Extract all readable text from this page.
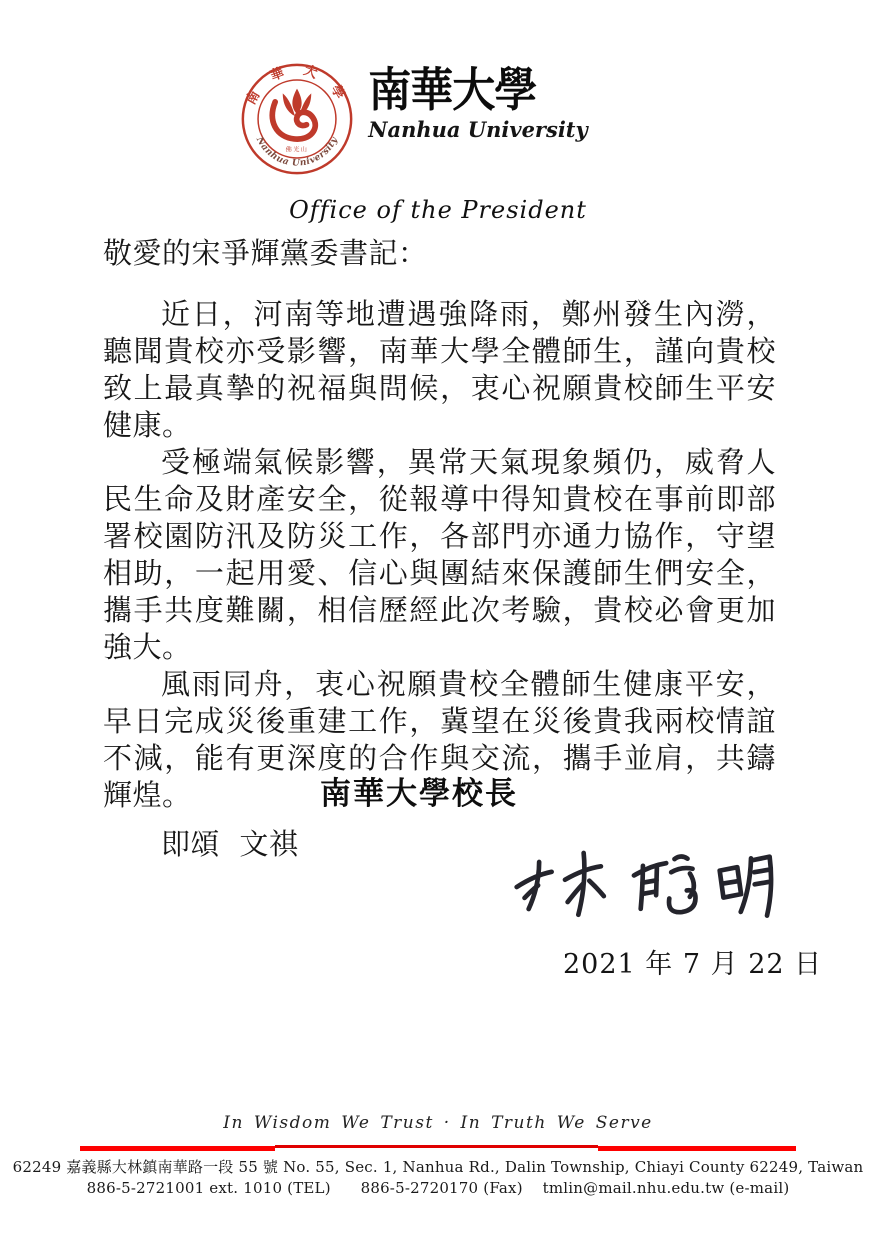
南 華 大 學
Nanhua University
佛光山
南華大學
Nanhua University
Office of the President
敬愛的宋爭輝黨委書記：

近日，河南等地遭遇強降雨，鄭州發生內澇，聽聞貴校亦受影響，南華大學全體師生，謹向貴校致上最真摯的祝福與問候，衷心祝願貴校師生平安健康。

受極端氣候影響，異常天氣現象頻仍，威脅人民生命及財產安全，從報導中得知貴校在事前即部署校園防汛及防災工作，各部門亦通力協作，守望相助，一起用愛、信心與團結來保護師生們安全，攜手共度難關，相信歷經此次考驗，貴校必會更加強大。

風雨同舟，衷心祝願貴校全體師生健康平安，早日完成災後重建工作，冀望在災後貴我兩校情誼不減，能有更深度的合作與交流，攜手並肩，共鑄輝煌。

即頌  文祺

南華大學校長
2021 年 7 月 22 日
In Wisdom We Trust · In Truth We Serve
62249 嘉義縣大林鎮南華路一段 55 號 No. 55, Sec. 1, Nanhua Rd., Dalin Township, Chiayi County 62249, Taiwan
886-5-2721001 ext. 1010 (TEL)      886-5-2720170 (Fax)    tmlin@mail.nhu.edu.tw (e-mail)
